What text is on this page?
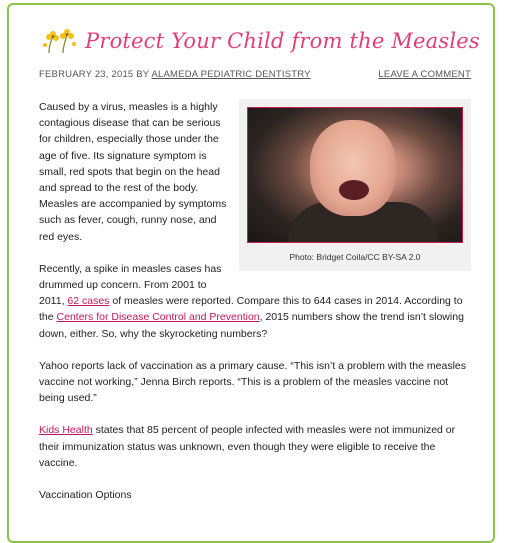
Protect Your Child from the Measles
FEBRUARY 23, 2015 BY ALAMEDA PEDIATRIC DENTISTRY	LEAVE A COMMENT
Photo: Bridget Coila/CC BY-SA 2.0

Caused by a virus, measles is a highly contagious disease that can be serious for children, especially those under the age of five. Its signature symptom is small, red spots that begin on the head and spread to the rest of the body. Measles are accompanied by symptoms such as fever, cough, runny nose, and red eyes.

Recently, a spike in measles cases has drummed up concern. From 2001 to 2011, 62 cases of measles were reported. Compare this to 644 cases in 2014. According to the Centers for Disease Control and Prevention, 2015 numbers show the trend isn’t slowing down, either. So, why the skyrocketing numbers?

Yahoo reports lack of vaccination as a primary cause. “This isn’t a problem with the measles vaccine not working,” Jenna Birch reports. “This is a problem of the measles vaccine not being used.”

Kids Health states that 85 percent of people infected with measles were not immunized or their immunization status was unknown, even though they were eligible to receive the vaccine.

Vaccination Options
